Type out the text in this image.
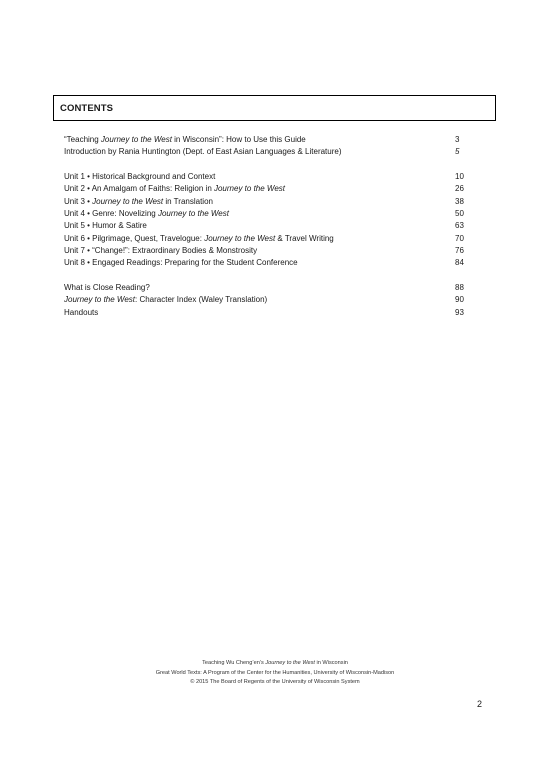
CONTENTS
“Teaching Journey to the West in Wisconsin”: How to Use this Guide	3
Introduction by Rania Huntington (Dept. of East Asian Languages & Literature)	5
Unit 1 • Historical Background and Context	10
Unit 2 • An Amalgam of Faiths: Religion in Journey to the West	26
Unit 3 • Journey to the West in Translation	38
Unit 4 • Genre: Novelizing Journey to the West	50
Unit 5 • Humor & Satire	63
Unit 6 • Pilgrimage, Quest, Travelogue: Journey to the West & Travel Writing	70
Unit 7 • “Change!”: Extraordinary Bodies & Monstrosity	76
Unit 8 • Engaged Readings: Preparing for the Student Conference	84
What is Close Reading?	88
Journey to the West: Character Index (Waley Translation)	90
Handouts	93
Teaching Wu Cheng’en’s Journey to the West in Wisconsin
Great World Texts: A Program of the Center for the Humanities, University of Wisconsin-Madison
© 2015 The Board of Regents of the University of Wisconsin System
2
